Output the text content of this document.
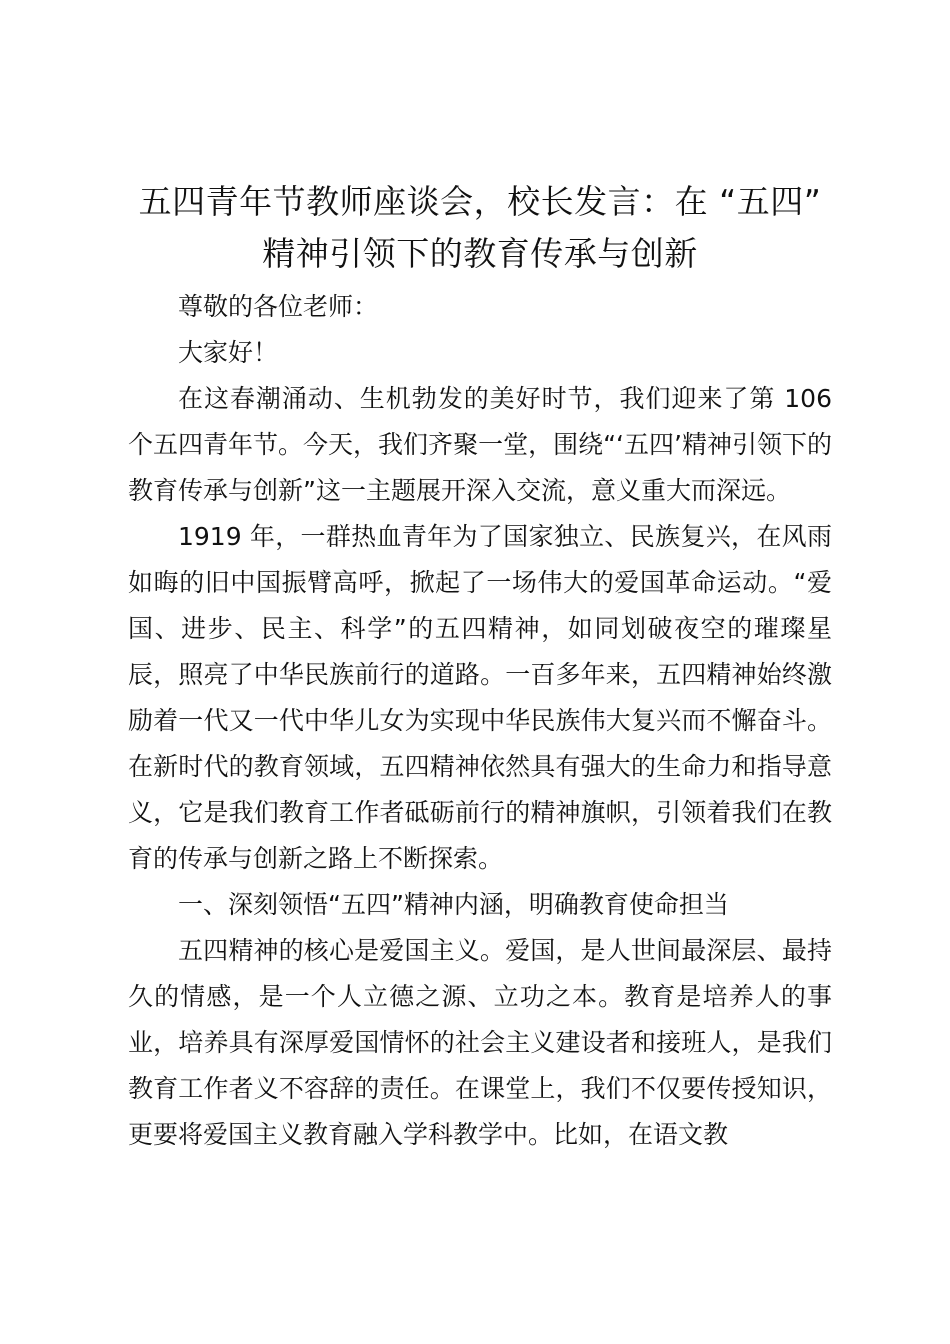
五四青年节教师座谈会，校长发言：在 “五四” 精神引领下的教育传承与创新

尊敬的各位老师：

大家好！

在这春潮涌动、生机勃发的美好时节，我们迎来了第 106 个五四青年节。今天，我们齐聚一堂，围绕“‘五四’精神引领下的教育传承与创新”这一主题展开深入交流，意义重大而深远。

1919 年，一群热血青年为了国家独立、民族复兴，在风雨如晦的旧中国振臂高呼，掀起了一场伟大的爱国革命运动。“爱国、进步、民主、科学”的五四精神，如同划破夜空的璀璨星辰，照亮了中华民族前行的道路。一百多年来，五四精神始终激励着一代又一代中华儿女为实现中华民族伟大复兴而不懈奋斗。在新时代的教育领域，五四精神依然具有强大的生命力和指导意义，它是我们教育工作者砥砺前行的精神旗帜，引领着我们在教育的传承与创新之路上不断探索。

一、深刻领悟“五四”精神内涵，明确教育使命担当

五四精神的核心是爱国主义。爱国，是人世间最深层、最持久的情感，是一个人立德之源、立功之本。教育是培养人的事业，培养具有深厚爱国情怀的社会主义建设者和接班人，是我们教育工作者义不容辞的责任。在课堂上，我们不仅要传授知识，更要将爱国主义教育融入学科教学中。比如，在语文教
